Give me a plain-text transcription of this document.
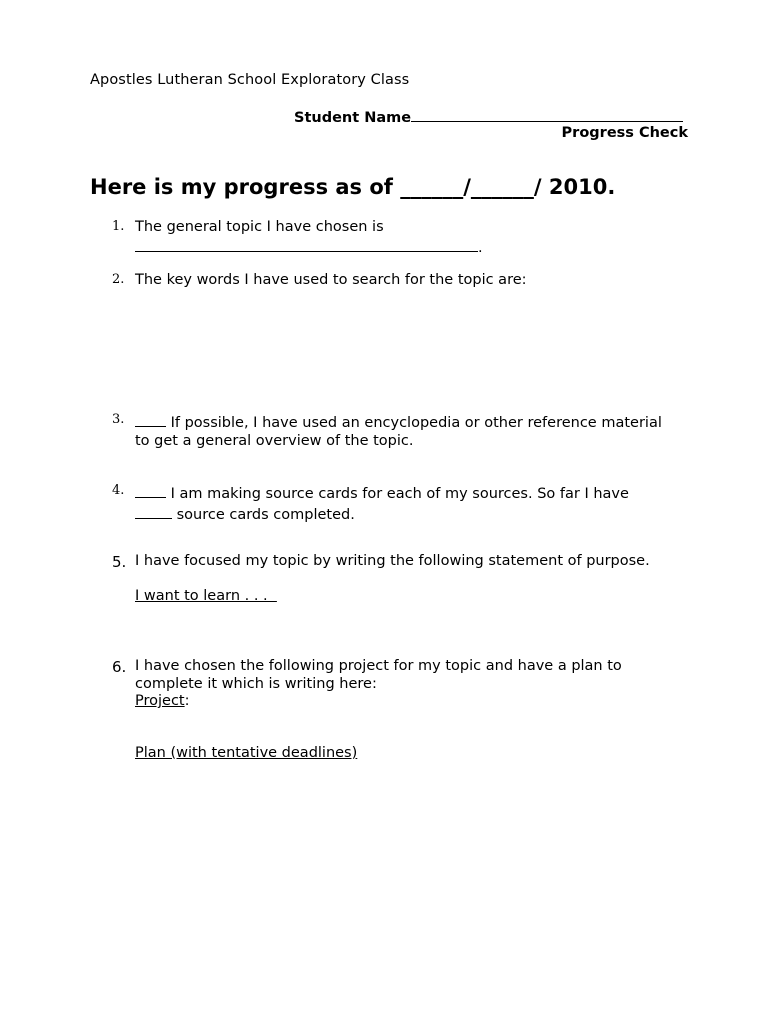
Apostles Lutheran School Exploratory Class
Student Name
Progress Check
Here is my progress as of ______/______/ 2010.
1. The general topic I have chosen is
.
2. The key words I have used to search for the topic are:
3.	If possible, I have used an encyclopedia or other reference material
to get a general overview of the topic.
4.	I am making source cards for each of my sources. So far I have
source cards completed.
5. I have focused my topic by writing the following statement of purpose.
I want to learn . . .
6. I have chosen the following project for my topic and have a plan to complete it which is writing here:
Project:
Plan (with tentative deadlines)
